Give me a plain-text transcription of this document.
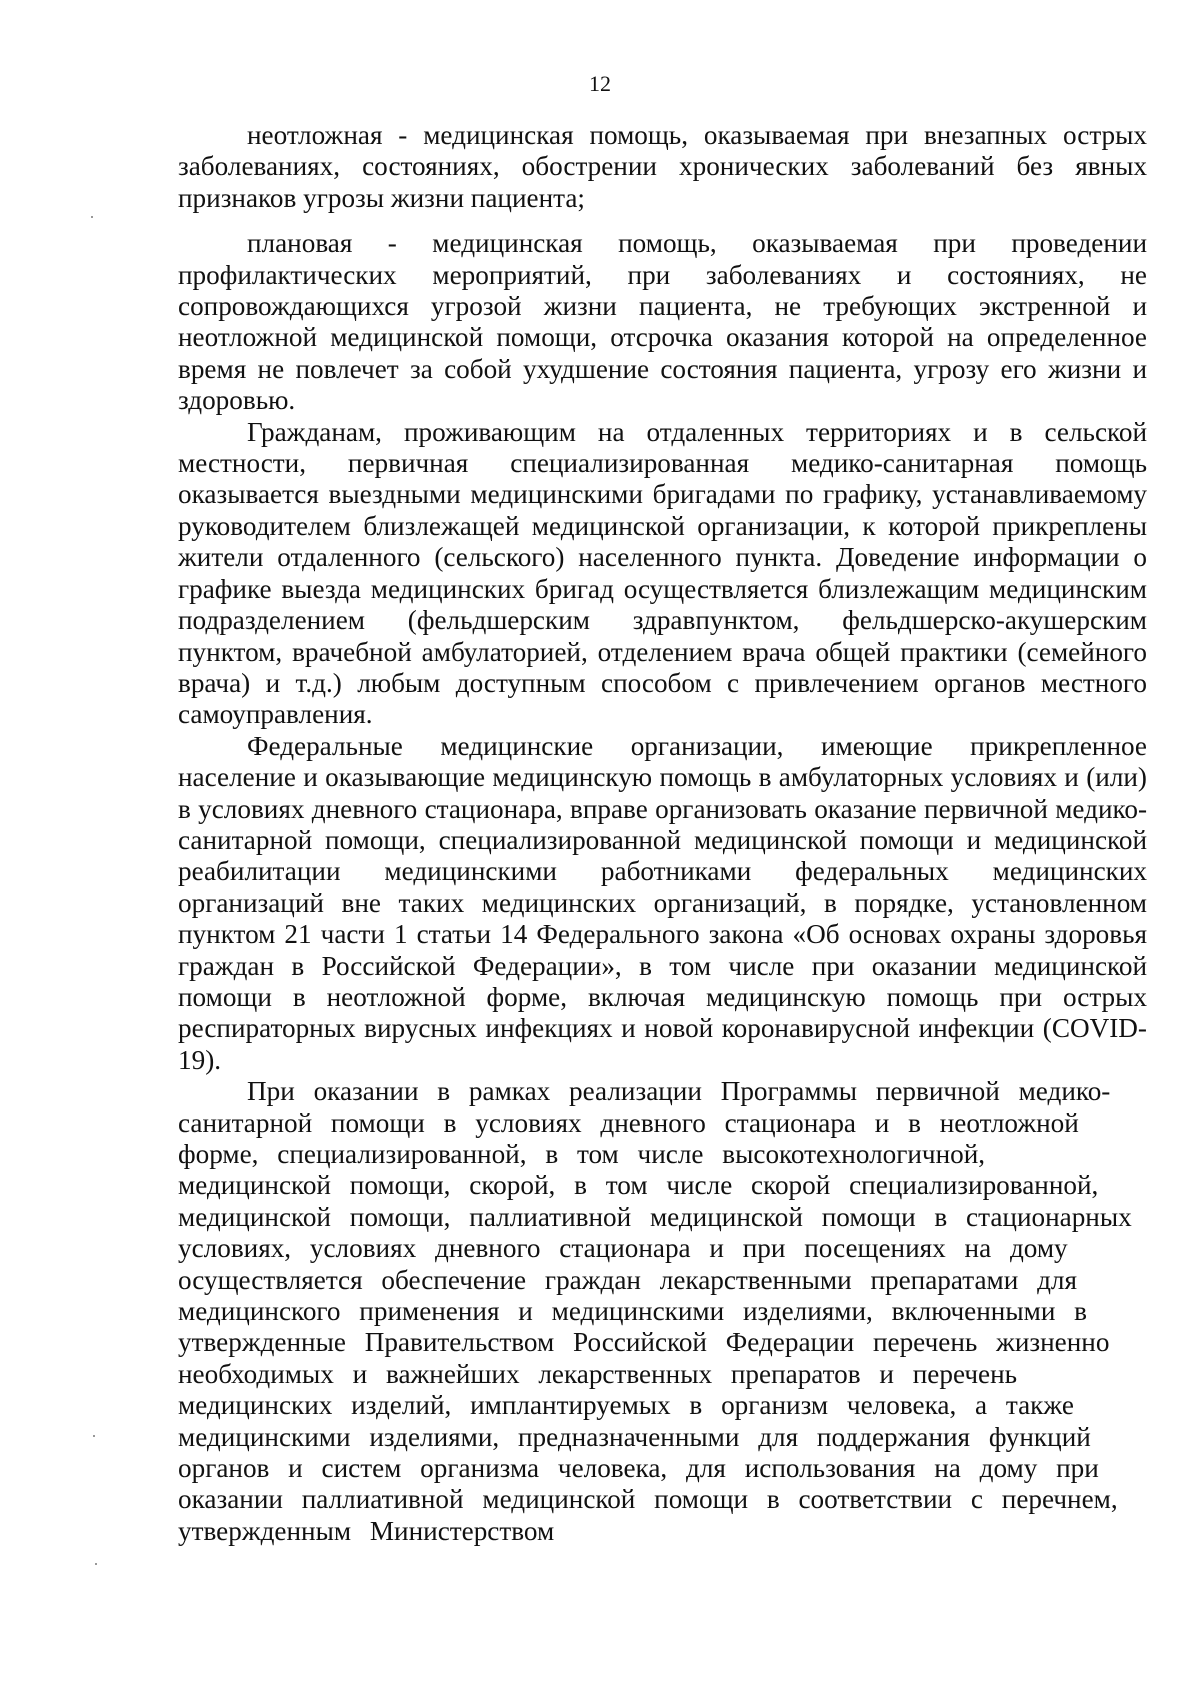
12

неотложная - медицинская помощь, оказываемая при внезапных острых заболеваниях, состояниях, обострении хронических заболеваний без явных признаков угрозы жизни пациента;

плановая - медицинская помощь, оказываемая при проведении профилактических мероприятий, при заболеваниях и состояниях, не сопровождающихся угрозой жизни пациента, не требующих экстренной и неотложной медицинской помощи, отсрочка оказания которой на определенное время не повлечет за собой ухудшение состояния пациента, угрозу его жизни и здоровью.

Гражданам, проживающим на отдаленных территориях и в сельской местности, первичная специализированная медико-санитарная помощь оказывается выездными медицинскими бригадами по графику, устанавливаемому руководителем близлежащей медицинской организации, к которой прикреплены жители отдаленного (сельского) населенного пункта. Доведение информации о графике выезда медицинских бригад осуществляется близлежащим медицинским подразделением (фельдшерским здравпунктом, фельдшерско-акушерским пунктом, врачебной амбулаторией, отделением врача общей практики (семейного врача) и т.д.) любым доступным способом с привлечением органов местного самоуправления.

Федеральные медицинские организации, имеющие прикрепленное население и оказывающие медицинскую помощь в амбулаторных условиях и (или) в условиях дневного стационара, вправе организовать оказание первичной медико-санитарной помощи, специализированной медицинской помощи и медицинской реабилитации медицинскими работниками федеральных медицинских организаций вне таких медицинских организаций, в порядке, установленном пунктом 21 части 1 статьи 14 Федерального закона «Об основах охраны здоровья граждан в Российской Федерации», в том числе при оказании медицинской помощи в неотложной форме, включая медицинскую помощь при острых респираторных вирусных инфекциях и новой коронавирусной инфекции (COVID-19).

При оказании в рамках реализации Программы первичной медико-санитарной помощи в условиях дневного стационара и в неотложной форме, специализированной, в том числе высокотехнологичной, медицинской помощи, скорой, в том числе скорой специализированной, медицинской помощи, паллиативной медицинской помощи в стационарных условиях, условиях дневного стационара и при посещениях на дому осуществляется обеспечение граждан лекарственными препаратами для медицинского применения и медицинскими изделиями, включенными в утвержденные Правительством Российской Федерации перечень жизненно необходимых и важнейших лекарственных препаратов и перечень медицинских изделий, имплантируемых в организм человека, а также медицинскими изделиями, предназначенными для поддержания функций органов и систем организма человека, для использования на дому при оказании паллиативной медицинской помощи в соответствии с перечнем, утвержденным Министерством
